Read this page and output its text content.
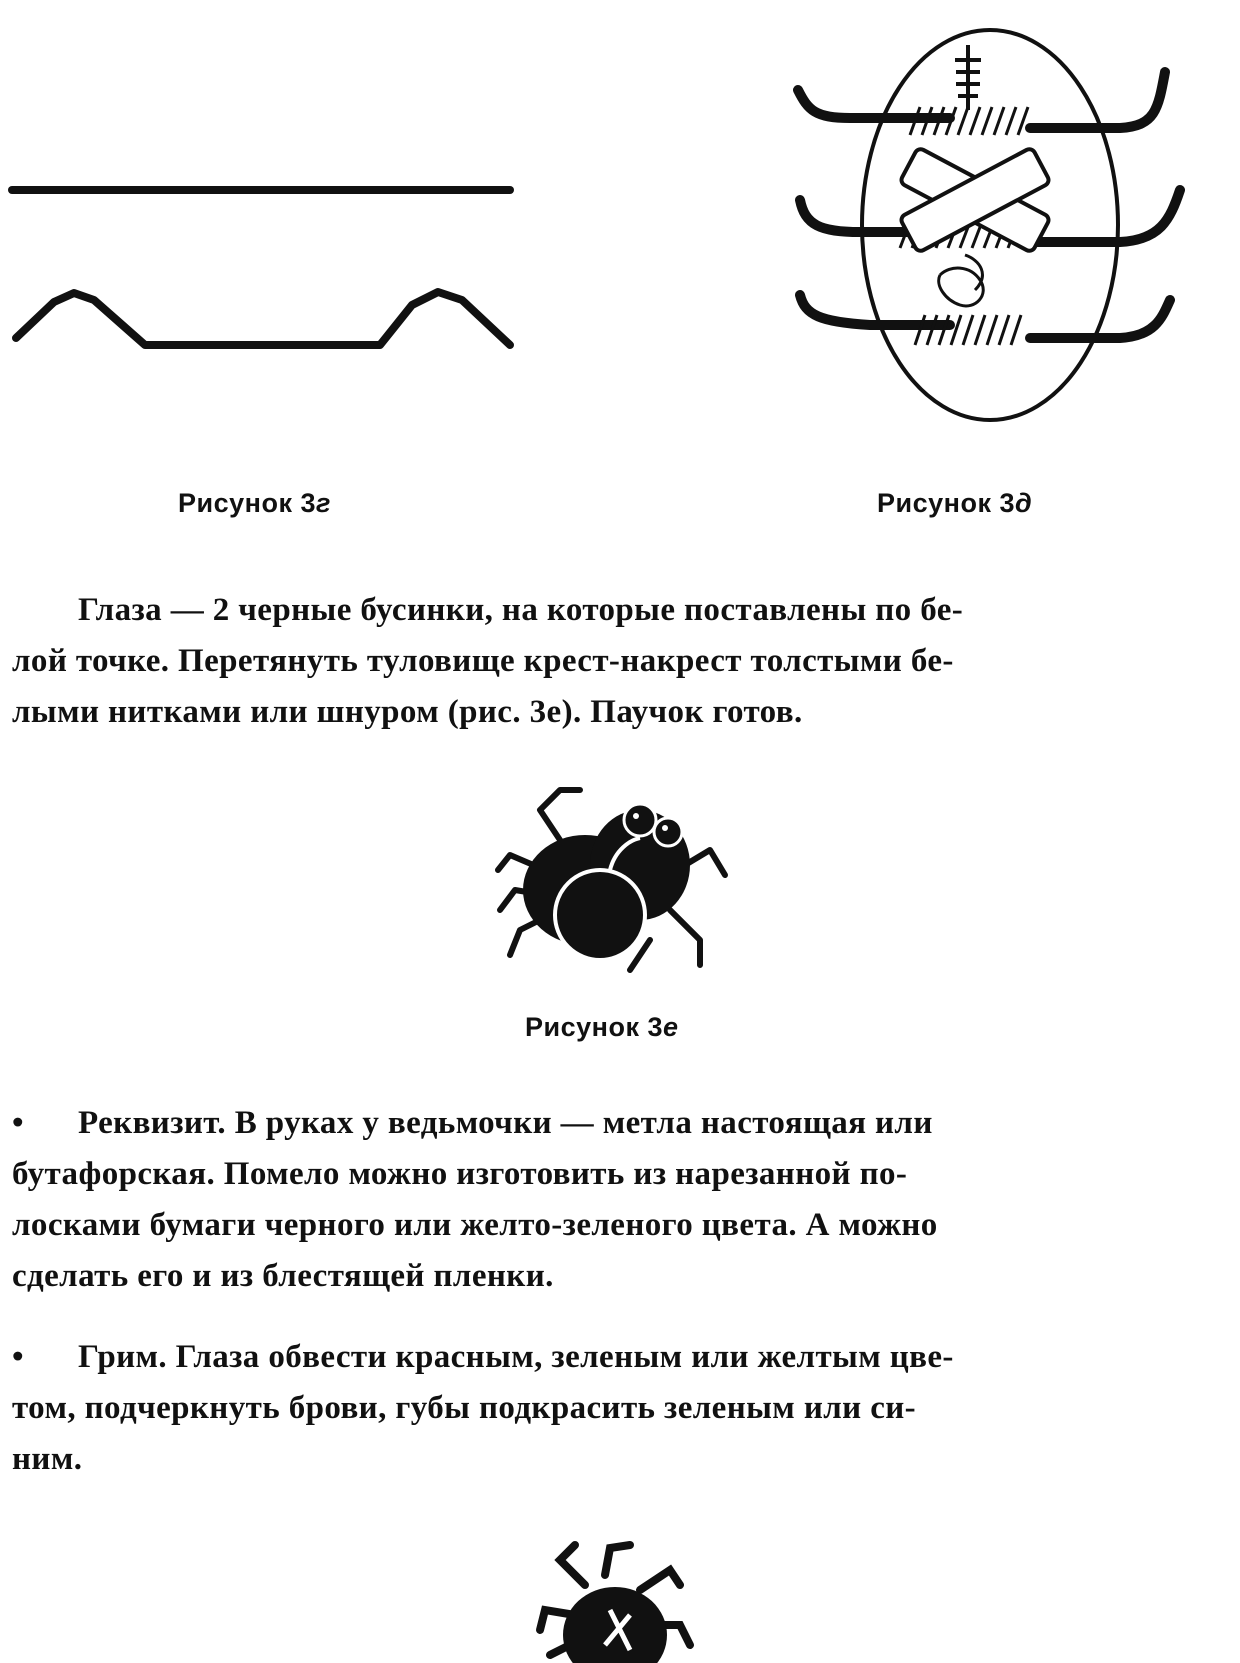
Рисунок 3г	Рисунок 3д
Глаза — 2 черные бусинки, на которые поставлены по бе-
лой точке. Перетянуть туловище крест-накрест толстыми бе-
лыми нитками или шнуром (рис. 3е). Паучок готов.
Рисунок 3е
• Реквизит. В руках у ведьмочки — метла настоящая или
бутафорская. Помело можно изготовить из нарезанной по-
лосками бумаги черного или желто-зеленого цвета. А можно
сделать его и из блестящей пленки.
• Грим. Глаза обвести красным, зеленым или желтым цве-
том, подчеркнуть брови, губы подкрасить зеленым или си-
ним.
